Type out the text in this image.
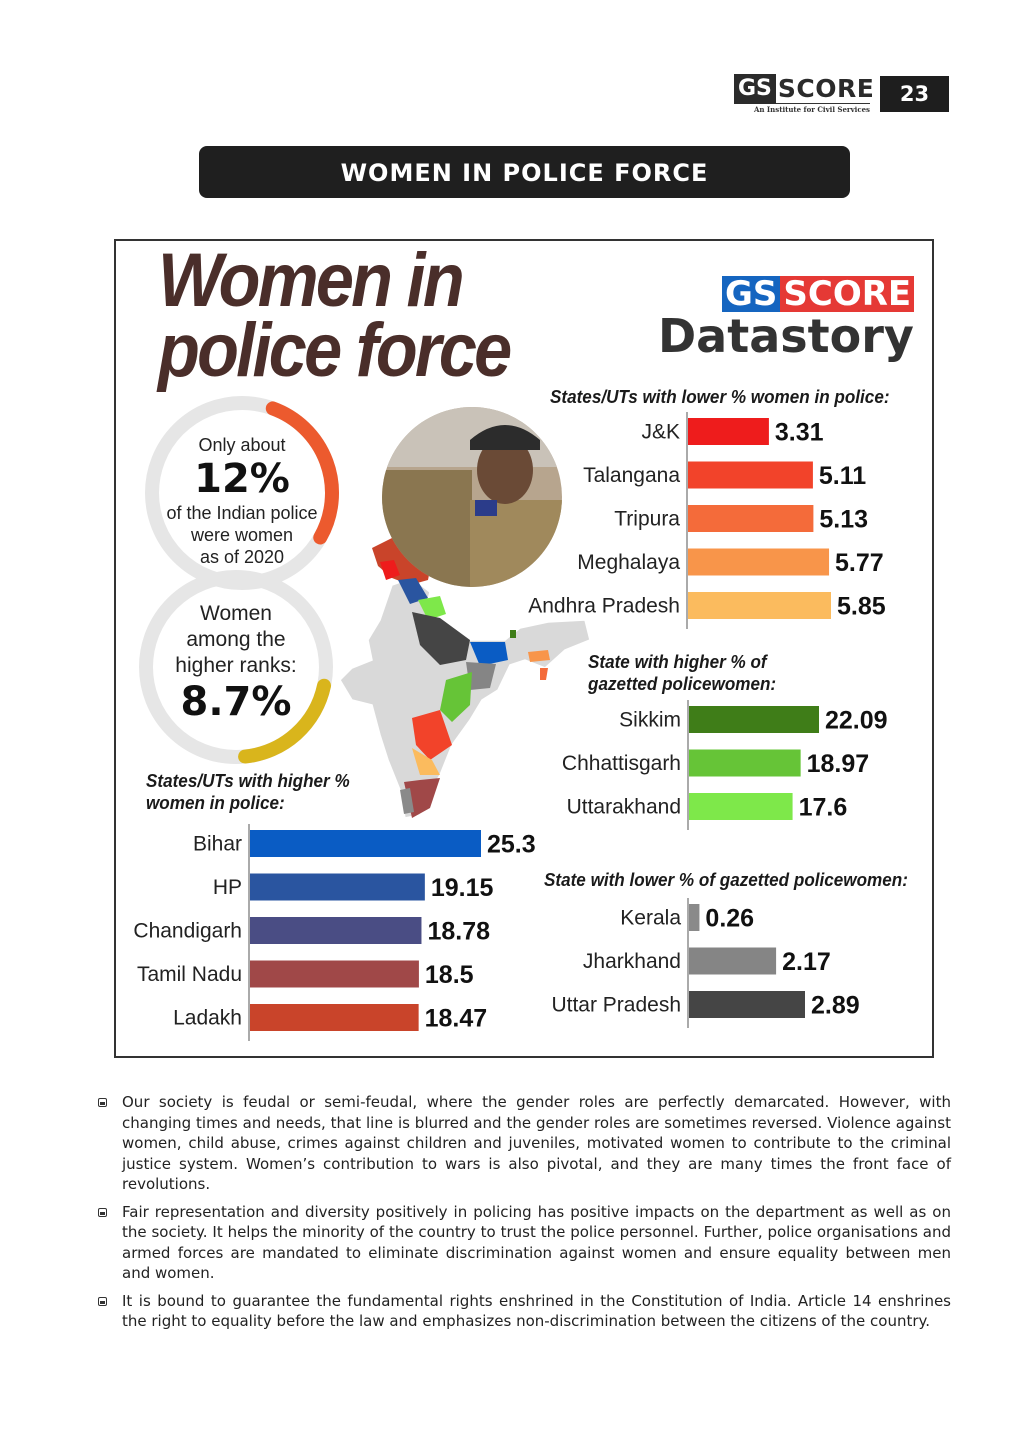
GS SCORE
An Institute for Civil Services
23
WOMEN IN POLICE FORCE
Women in
police force
GS SCORE
Datastory
Only about
12%
of the Indian police
were women
as of 2020
Women
among the
higher ranks:
8.7%
States/UTs with lower % women in police:
State with higher % of gazetted policewomen:
States/UTs with higher % women in police:
State with lower % of gazetted policewomen:
J&K	3.31
Talangana	5.11
Tripura	5.13
Meghalaya	5.77
Andhra Pradesh	5.85
Sikkim	22.09
Chhattisgarh	18.97
Uttarakhand	17.6
Bihar	25.3
HP	19.15
Chandigarh	18.78
Tamil Nadu	18.5
Ladakh	18.47
Kerala 0.26
Jharkhand	2.17
Uttar Pradesh	2.89
Our society is feudal or semi-feudal, where the gender roles are perfectly demarcated. However, with changing times and needs, that line is blurred and the gender roles are sometimes reversed. Violence against women, child abuse, crimes against children and juveniles, motivated women to contribute to the criminal justice system. Women’s contribution to wars is also pivotal, and they are many times the front face of revolutions.
Fair representation and diversity positively in policing has positive impacts on the department as well as on the society. It helps the minority of the country to trust the police personnel. Further, police organisations and armed forces are mandated to eliminate discrimination against women and ensure equality between men and women.
It is bound to guarantee the fundamental rights enshrined in the Constitution of India. Article 14 enshrines the right to equality before the law and emphasizes non-discrimination between the citizens of the country.
